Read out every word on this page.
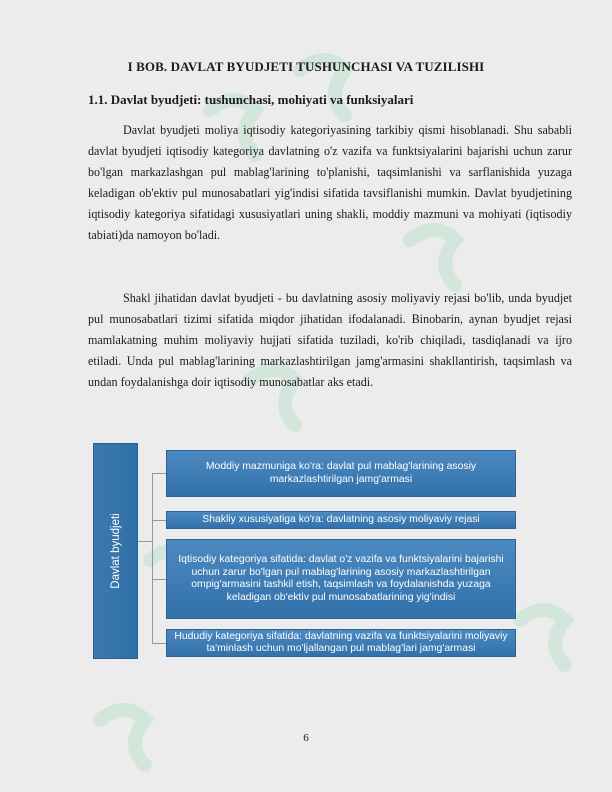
I BOB. DAVLAT BYUDJETI TUSHUNCHASI VA TUZILISHI
1.1. Davlat byudjeti: tushunchasi, mohiyati va funksiyalari

Davlat byudjeti moliya iqtisodiy kategoriyasining tarkibiy qismi hisoblanadi. Shu sababli davlat byudjeti iqtisodiy kategoriya davlatning o'z vazifa va funktsiyalarini bajarishi uchun zarur bo'lgan markazlashgan pul mablag'larining to'planishi, taqsimlanishi va sarflanishida yuzaga keladigan ob'ektiv pul munosabatlari yig'indisi sifatida tavsiflanishi mumkin. Davlat byudjetining iqtisodiy kategoriya sifatidagi xususiyatlari uning shakli, moddiy mazmuni va mohiyati (iqtisodiy tabiati)da namoyon bo'ladi.

Shakl jihatidan davlat byudjeti - bu davlatning asosiy moliyaviy rejasi bo'lib, unda byudjet pul munosabatlari tizimi sifatida miqdor jihatidan ifodalanadi. Binobarin, aynan byudjet rejasi mamlakatning muhim moliyaviy hujjati sifatida tuziladi, ko'rib chiqiladi, tasdiqlanadi va ijro etiladi. Unda pul mablag'larining markazlashtirilgan jamg'armasini shakllantirish, taqsimlash va undan foydalanishga doir iqtisodiy munosabatlar aks etadi.

Davlat byudjeti
Moddiy mazmuniga ko'ra: davlat pul mablag'larining asosiy markazlashtirilgan jamg'armasi
Shakliy xususiyatiga ko'ra: davlatning asosiy moliyaviy rejasi
Iqtisodiy kategoriya sifatida: davlat o'z vazifa va funktsiyalarini bajarishi uchun zarur bo'lgan pul mablag'larining asosiy markazlashtirilgan ompig'armasini tashkil etish, taqsimlash va foydalanishda yuzaga keladigan ob'ektiv pul munosabatlarining yig'indisi
Hududiy kategoriya sifatida: davlatning vazifa va funktsiyalarini moliyaviy ta'minlash uchun mo'ljallangan pul mablag'lari jamg'armasi
6
